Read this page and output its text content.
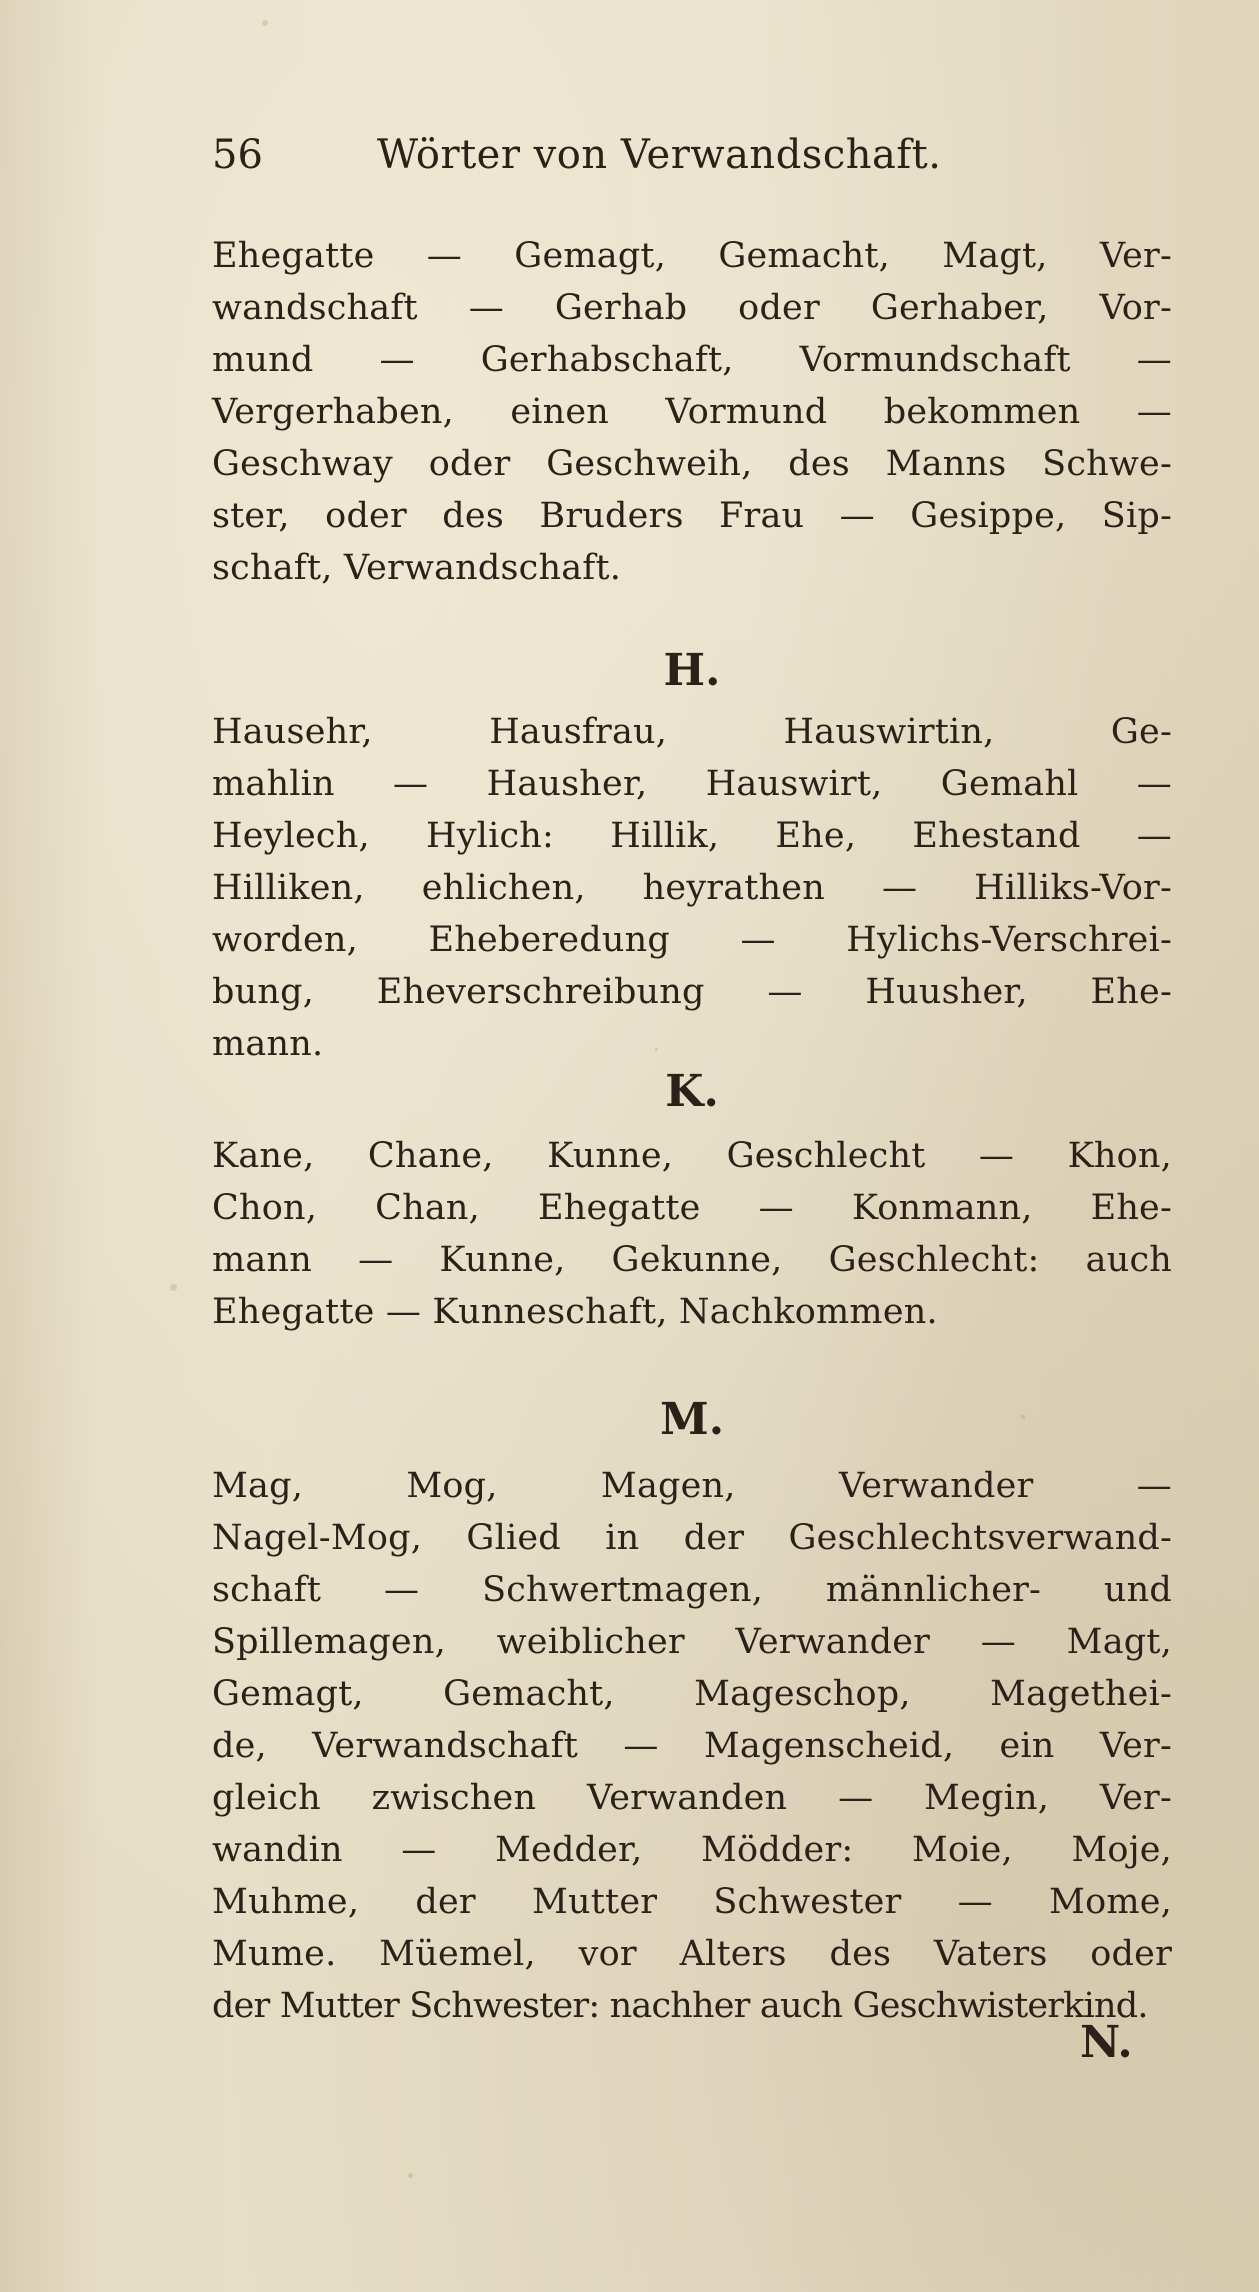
56	Wörter von Verwandschaft.
Ehegatte — Gemagt, Gemacht, Magt, Ver-
wandschaft — Gerhab oder Gerhaber, Vor-
mund — Gerhabschaft, Vormundschaft —
Vergerhaben, einen Vormund bekommen —
Geschway oder Geschweih, des Manns Schwe-
ster, oder des Bruders Frau — Gesippe, Sip-
schaft, Verwandschaft.
H.
Hausehr, Hausfrau, Hauswirtin, Ge-
mahlin — Hausher, Hauswirt, Gemahl —
Heylech, Hylich: Hillik, Ehe, Ehestand —
Hilliken, ehlichen, heyrathen — Hilliks-Vor-
worden, Eheberedung — Hylichs-Verschrei-
bung, Eheverschreibung — Huusher, Ehe-
mann.
K.
Kane, Chane, Kunne, Geschlecht — Khon,
Chon, Chan, Ehegatte — Konmann, Ehe-
mann — Kunne, Gekunne, Geschlecht: auch
Ehegatte — Kunneschaft, Nachkommen.
M.
Mag, Mog, Magen, Verwander —
Nagel-Mog, Glied in der Geschlechtsverwand-
schaft — Schwertmagen, männlicher- und
Spillemagen, weiblicher Verwander — Magt,
Gemagt, Gemacht, Mageschop, Magethei-
de, Verwandschaft — Magenscheid, ein Ver-
gleich zwischen Verwanden — Megin, Ver-
wandin — Medder, Mödder: Moie, Moje,
Muhme, der Mutter Schwester — Mome,
Mume. Müemel, vor Alters des Vaters oder
der Mutter Schwester: nachher auch Geschwisterkind.
N.
